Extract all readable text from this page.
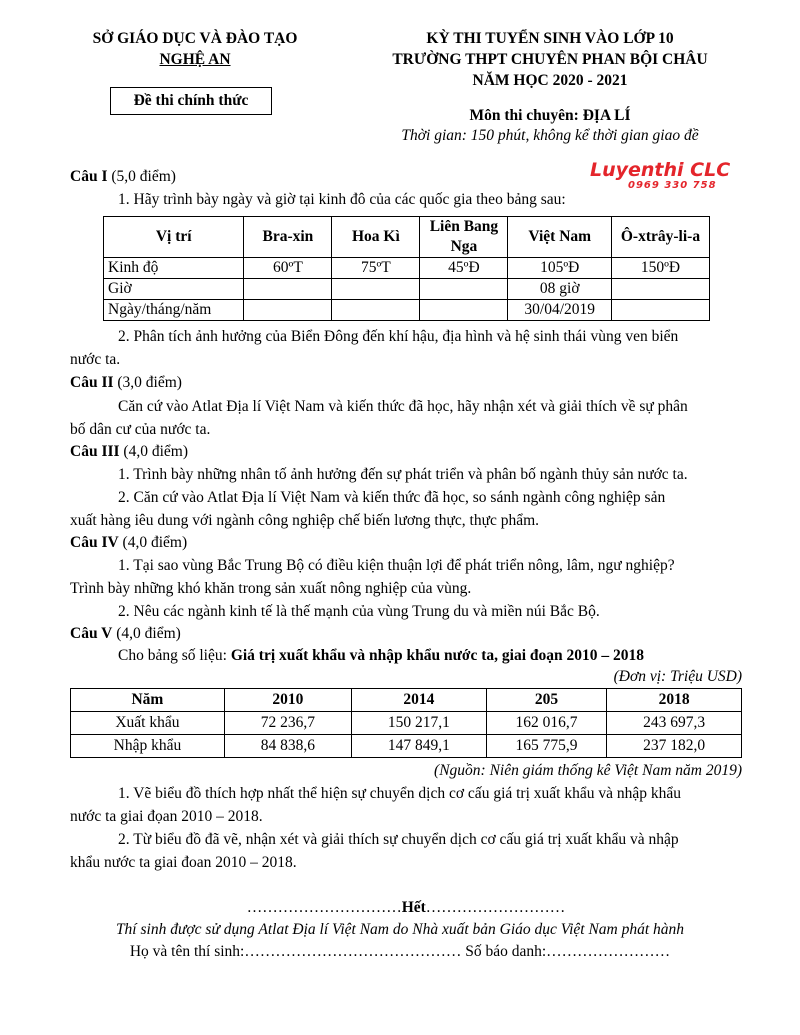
SỞ GIÁO DỤC VÀ ĐÀO TẠO
NGHỆ AN
KỲ THI TUYỂN SINH VÀO LỚP 10
TRƯỜNG THPT CHUYÊN PHAN BỘI CHÂU
NĂM HỌC 2020 - 2021
Đề thi chính thức
Môn thi chuyên: ĐỊA LÍ
Thời gian: 150 phút, không kể thời gian giao đề
Luyenthi CLC
0969 330 758
Câu I (5,0 điểm)
1. Hãy trình bày ngày và giờ tại kinh đô của các quốc gia theo bảng sau:
Vị trí	Bra-xin	Hoa Kì	Liên Bang Nga	Việt Nam	Ô-xtrây-li-a
Kinh độ	60ºT	75ºT	45ºĐ	105ºĐ	150ºĐ
Giờ				08 giờ	
Ngày/tháng/năm				30/04/2019	
2. Phân tích ảnh hưởng của Biển Đông đến khí hậu, địa hình và hệ sinh thái vùng ven biển
nước ta.
Câu II (3,0 điểm)
Căn cứ vào Atlat Địa lí Việt Nam và kiến thức đã học, hãy nhận xét và giải thích về sự phân
bố dân cư của nước ta.
Câu III (4,0 điểm)
1. Trình bày những nhân tố ảnh hưởng đến sự phát triển và phân bố ngành thủy sản nước ta.
2. Căn cứ vào Atlat Địa lí Việt Nam và kiến thức đã học, so sánh ngành công nghiệp sản
xuất hàng iêu dung với ngành công nghiệp chế biến lương thực, thực phẩm.
Câu IV (4,0 điểm)
1. Tại sao vùng Bắc Trung Bộ có điều kiện thuận lợi để phát triển nông, lâm, ngư nghiệp?
Trình bày những khó khăn trong sản xuất nông nghiệp của vùng.
2. Nêu các ngành kinh tế là thế mạnh của vùng Trung du và miền núi Bắc Bộ.
Câu V (4,0 điểm)
Cho bảng số liệu: Giá trị xuất khẩu và nhập khẩu nước ta, giai đoạn 2010 – 2018
(Đơn vị: Triệu USD)
Năm	2010	2014	205	2018
Xuất khẩu	72 236,7	150 217,1	162 016,7	243 697,3
Nhập khẩu	84 838,6	147 849,1	165 775,9	237 182,0
(Nguồn: Niên giám thống kê Việt Nam năm 2019)
1. Vẽ biểu đồ thích hợp nhất thể hiện sự chuyển dịch cơ cấu giá trị xuất khẩu và nhập khẩu
nước ta giai đọan 2010 – 2018.
2. Từ biểu đồ đã vẽ, nhận xét và giải thích sự chuyển dịch cơ cấu giá trị xuất khẩu và nhập
khẩu nước ta giai đoan 2010 – 2018.
…………………………Hết………………………
Thí sinh được sử dụng Atlat Địa lí Việt Nam do Nhà xuất bản Giáo dục Việt Nam phát hành
Họ và tên thí sinh:…………………………………… Số báo danh:……………………
